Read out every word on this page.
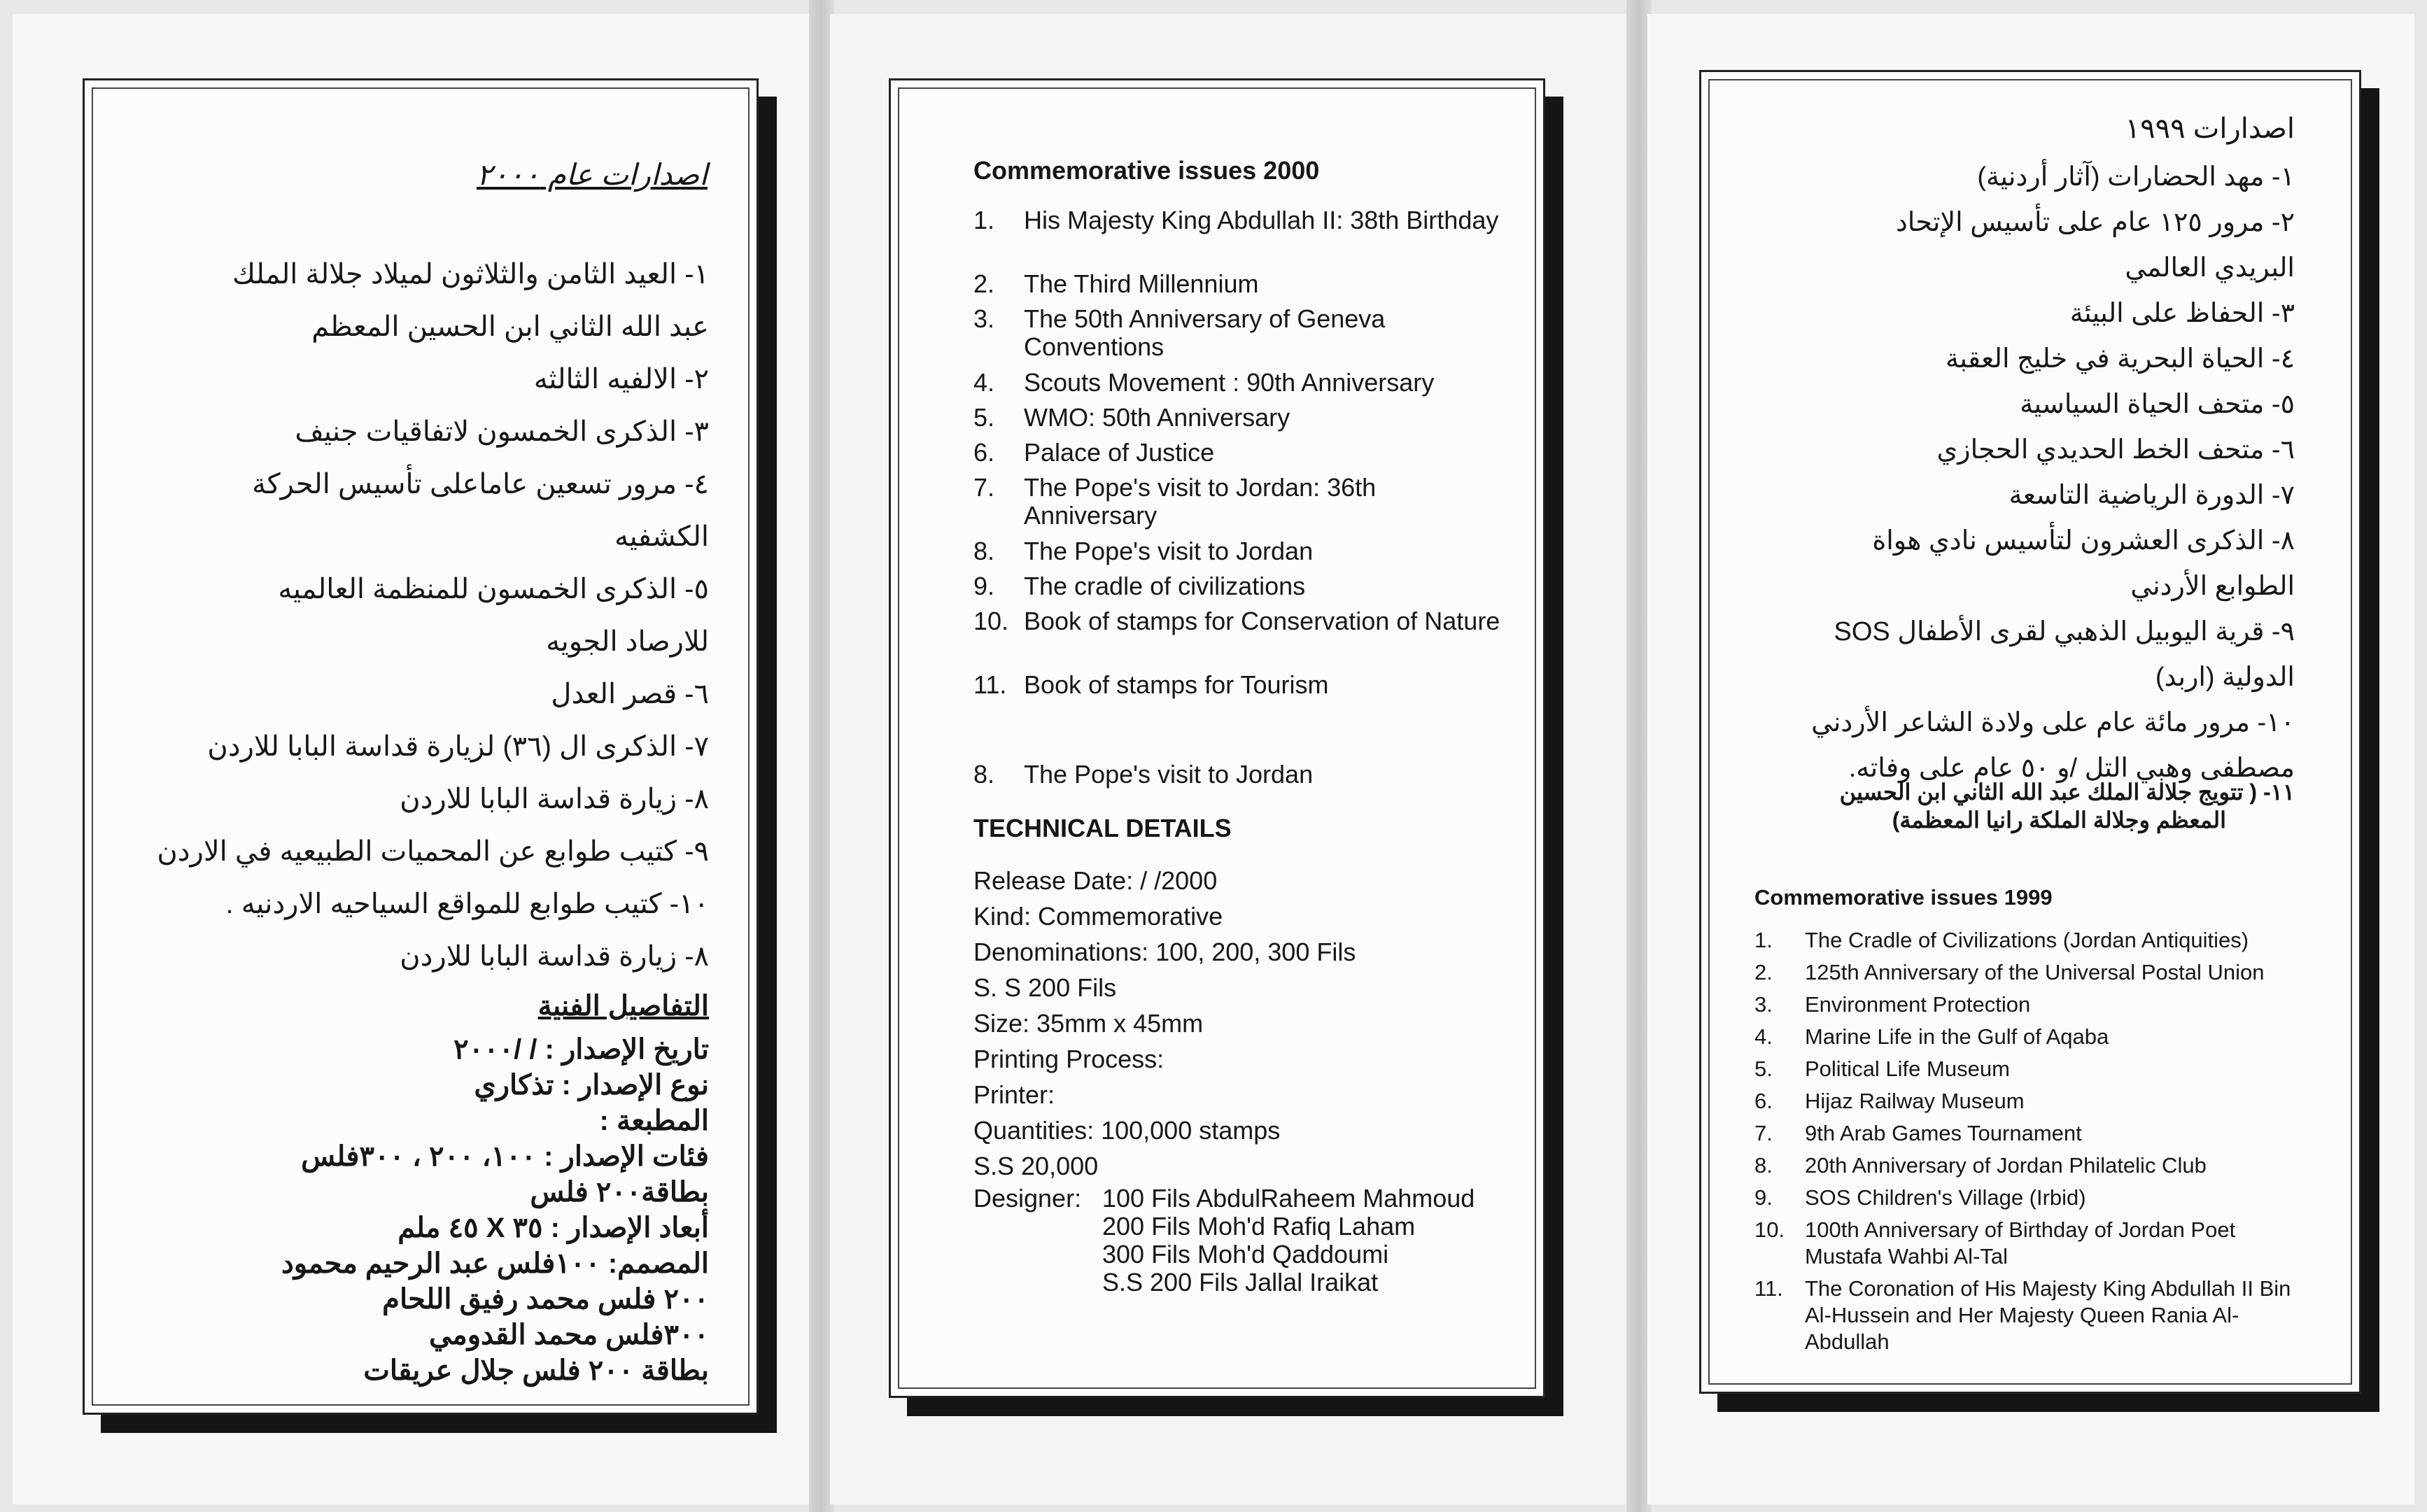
اصدارات عام ٢٠٠٠
١- العيد الثامن والثلاثون لميلاد جلالة الملك
عبد الله الثاني ابن الحسين المعظم
٢- الالفيه الثالثه
٣- الذكرى الخمسون لاتفاقيات جنيف
٤- مرور تسعين عاماعلى تأسيس الحركة
الكشفيه
٥- الذكرى الخمسون للمنظمة العالميه
للارصاد الجويه
٦- قصر العدل
٧- الذكرى ال (٣٦) لزيارة قداسة البابا للاردن
٨- زيارة قداسة البابا للاردن
٩- كتيب طوابع عن المحميات الطبيعيه في الاردن
١٠- كتيب طوابع للمواقع السياحيه الاردنيه .
٨- زيارة قداسة البابا للاردن
التفاصيل الفنية
تاريخ الإصدار : / /٢٠٠٠
نوع الإصدار : تذكاري
المطبعة :
فئات الإصدار : ١٠٠، ٢٠٠ ، ٣٠٠فلس
بطاقة٢٠٠ فلس
أبعاد الإصدار : ٣٥ X ٤٥ ملم
المصمم: ١٠٠فلس عبد الرحيم محمود
٢٠٠ فلس محمد رفيق اللحام
٣٠٠فلس محمد القدومي
بطاقة ٢٠٠ فلس جلال عريقات
Commemorative issues 2000
1.	His Majesty King Abdullah II: 38th Birthday
2.	The Third Millennium
3.	The 50th Anniversary of Geneva Conventions
4.	Scouts Movement : 90th Anniversary
5.	WMO: 50th Anniversary
6.	Palace of Justice
7.	The Pope's visit to Jordan: 36th Anniversary
8.	The Pope's visit to Jordan
9.	The cradle of civilizations
10. Book of stamps for Conservation of Nature
11. Book of stamps for Tourism
8.	The Pope's visit to Jordan
TECHNICAL DETAILS
Release Date: / /2000
Kind: Commemorative
Denominations: 100, 200, 300 Fils
S. S 200 Fils
Size: 35mm x 45mm
Printing Process:
Printer:
Quantities: 100,000 stamps
S.S 20,000
Designer: 100 Fils AbdulRaheem Mahmoud
200 Fils Moh'd Rafiq Laham
300 Fils Moh'd Qaddoumi
S.S 200 Fils Jallal Iraikat
اصدارات ١٩٩٩
١- مهد الحضارات (آثار أردنية)
٢- مرور ١٢٥ عام على تأسيس الإتحاد
البريدي العالمي
٣- الحفاظ على البيئة
٤- الحياة البحرية في خليج العقبة
٥- متحف الحياة السياسية
٦- متحف الخط الحديدي الحجازي
٧- الدورة الرياضية التاسعة
٨- الذكرى العشرون لتأسيس نادي هواة
الطوابع الأردني
٩- قرية اليوبيل الذهبي لقرى الأطفال SOS
الدولية (اربد)
١٠- مرور مائة عام على ولادة الشاعر الأردني
مصطفى وهبي التل /و ٥٠ عام على وفاته.
١١- ( تتويج جلالة الملك عبد الله الثاني ابن الحسين
المعظم وجلالة الملكة رانيا المعظمة)
Commemorative issues 1999
1.	The Cradle of Civilizations (Jordan Antiquities)
2.	125th Anniversary of the Universal Postal Union
3.	Environment Protection
4.	Marine Life in the Gulf of Aqaba
5.	Political Life Museum
6.	Hijaz Railway Museum
7.	9th Arab Games Tournament
8.	20th Anniversary of Jordan Philatelic Club
9.	SOS Children's Village (Irbid)
10. 100th Anniversary of Birthday of Jordan Poet Mustafa Wahbi Al-Tal
11.	The Coronation of His Majesty King Abdullah II Bin Al-Hussein and Her Majesty Queen Rania Al-Abdullah
